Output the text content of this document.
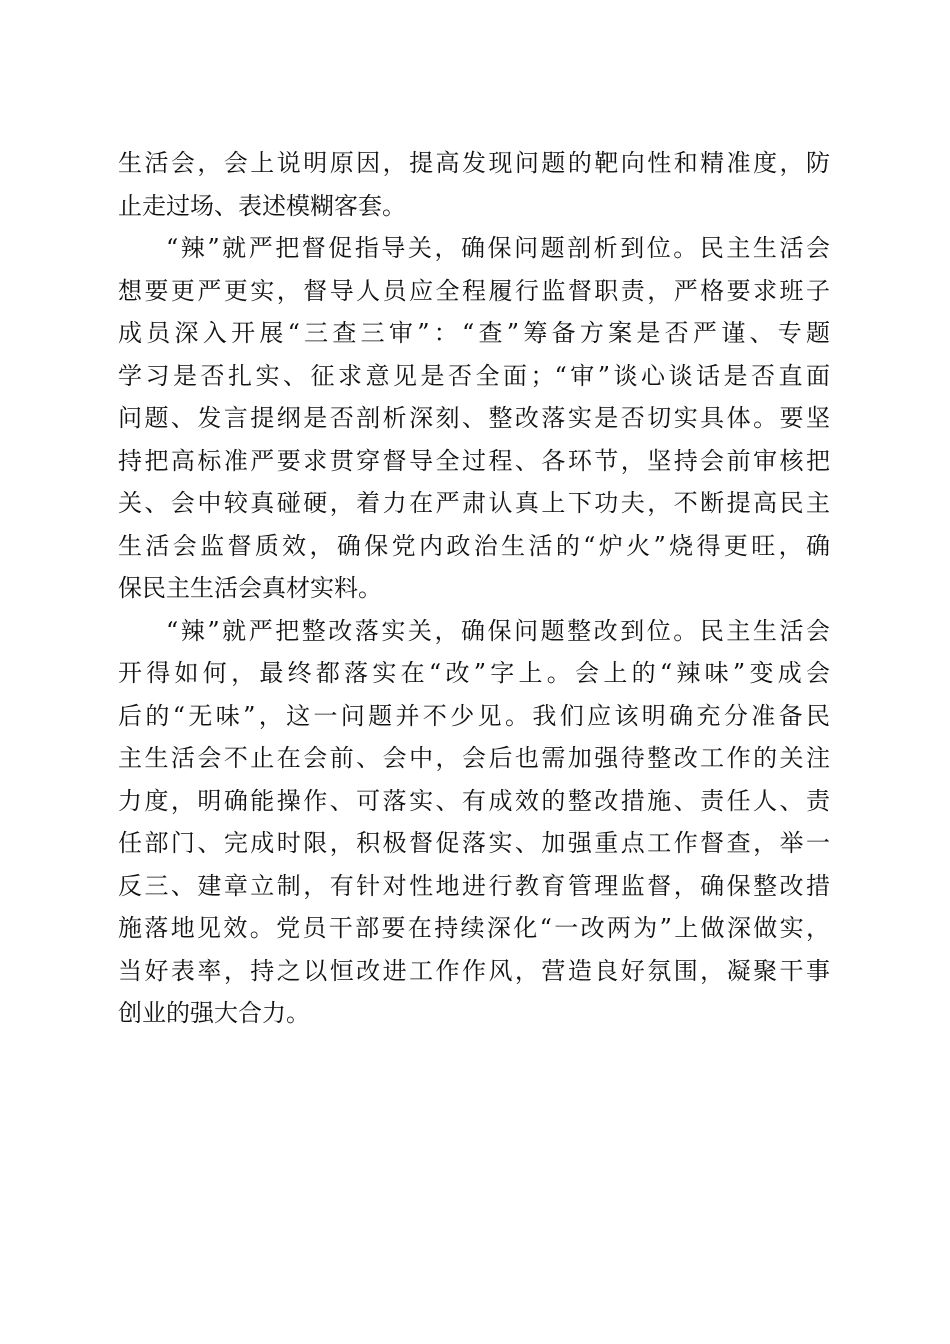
生活会，会上说明原因，提高发现问题的靶向性和精准度，防
止走过场、表述模糊客套。
“辣”就严把督促指导关，确保问题剖析到位。民主生活会
想要更严更实，督导人员应全程履行监督职责，严格要求班子
成员深入开展“三查三审”：“查”筹备方案是否严谨、专题
学习是否扎实、征求意见是否全面；“审”谈心谈话是否直面
问题、发言提纲是否剖析深刻、整改落实是否切实具体。要坚
持把高标准严要求贯穿督导全过程、各环节，坚持会前审核把
关、会中较真碰硬，着力在严肃认真上下功夫，不断提高民主
生活会监督质效，确保党内政治生活的“炉火”烧得更旺，确
保民主生活会真材实料。
“辣”就严把整改落实关，确保问题整改到位。民主生活会
开得如何，最终都落实在“改”字上。会上的“辣味”变成会
后的“无味”，这一问题并不少见。我们应该明确充分准备民
主生活会不止在会前、会中，会后也需加强待整改工作的关注
力度，明确能操作、可落实、有成效的整改措施、责任人、责
任部门、完成时限，积极督促落实、加强重点工作督查，举一
反三、建章立制，有针对性地进行教育管理监督，确保整改措
施落地见效。党员干部要在持续深化“一改两为”上做深做实，
当好表率，持之以恒改进工作作风，营造良好氛围，凝聚干事
创业的强大合力。
